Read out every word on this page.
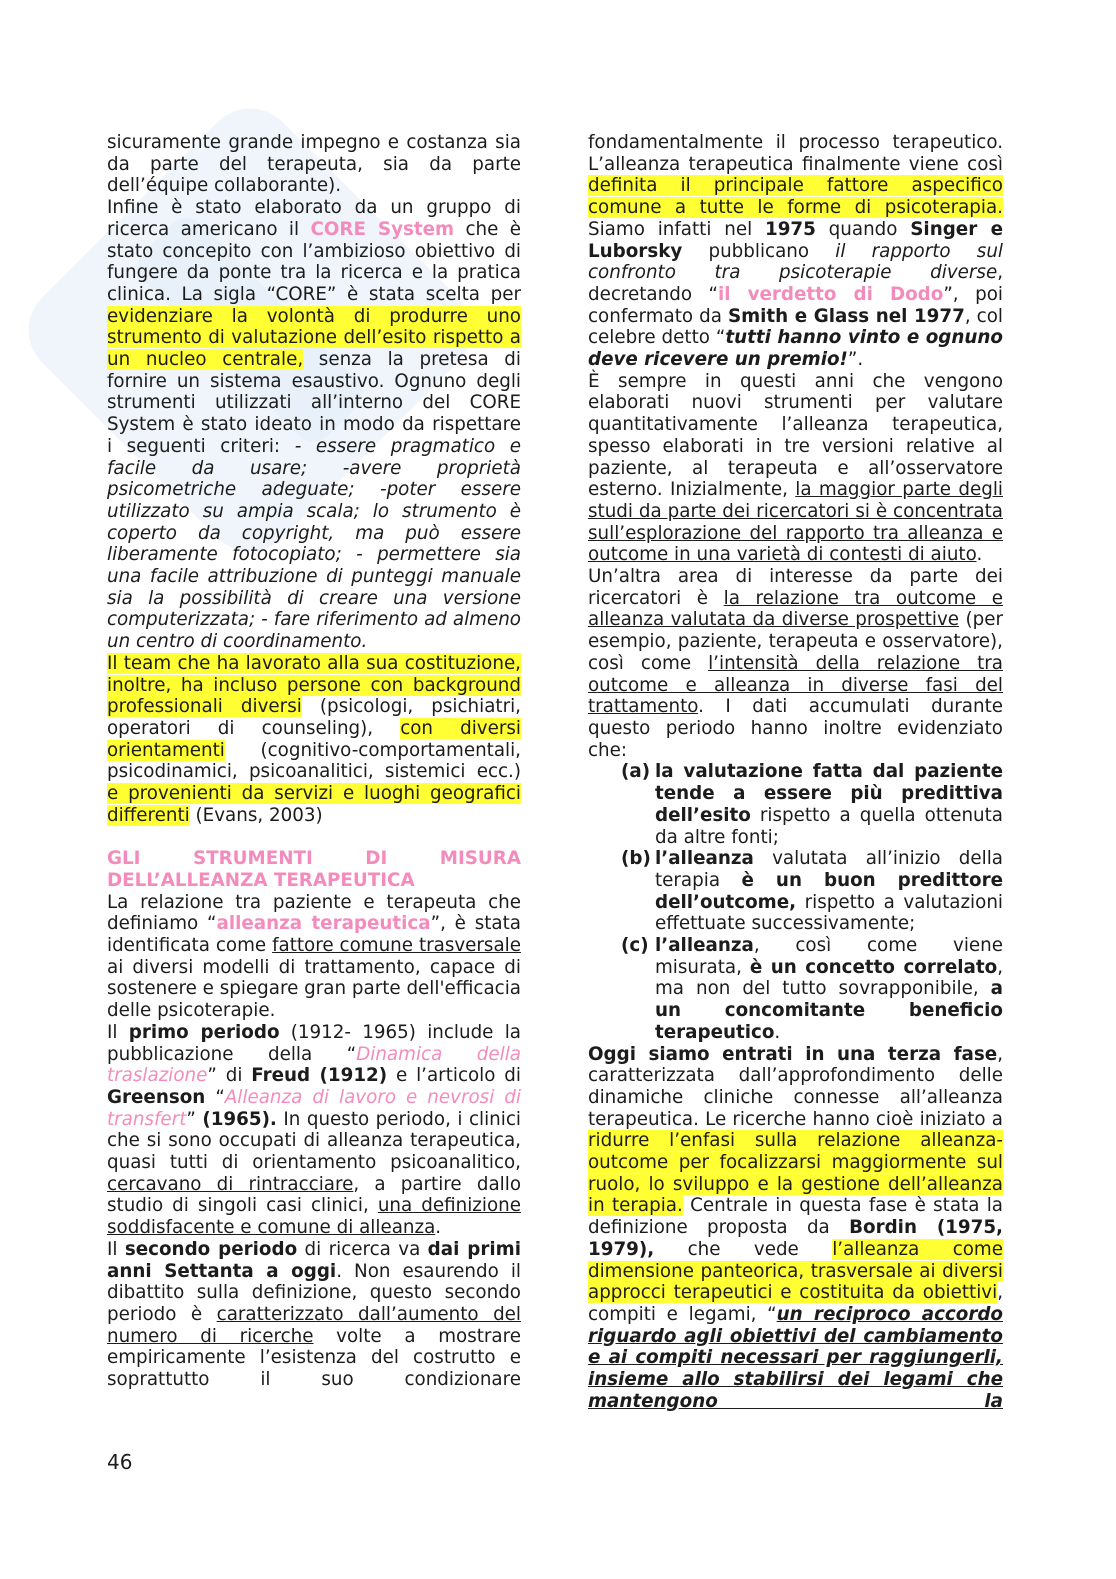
sicuramente grande impegno e costanza sia da parte del terapeuta, sia da parte dell’équipe collaborante).

Infine è stato elaborato da un gruppo di ricerca americano il CORE System che è stato concepito con l’ambizioso obiettivo di fungere da ponte tra la ricerca e la pratica clinica. La sigla “CORE” è stata scelta per evidenziare la volontà di produrre uno strumento di valutazione dell’esito rispetto a un nucleo centrale, senza la pretesa di fornire un sistema esaustivo. Ognuno degli strumenti utilizzati all’interno del CORE System è stato ideato in modo da rispettare i seguenti criteri: - essere pragmatico e facile da usare; -avere proprietà psicometriche adeguate; -poter essere utilizzato su ampia scala; lo strumento è coperto da copyright, ma può essere liberamente fotocopiato; - permettere sia una facile attribuzione di punteggi manuale sia la possibilità di creare una versione computerizzata; - fare riferimento ad almeno un centro di coordinamento.

Il team che ha lavorato alla sua costituzione, inoltre, ha incluso persone con background professionali diversi (psicologi, psichiatri, operatori di counseling), con diversi orientamenti (cognitivo-comportamentali, psicodinamici, psicoanalitici, sistemici ecc.) e provenienti da servizi e luoghi geografici differenti (Evans, 2003)

GLI STRUMENTI DI MISURA DELL’ALLEANZA TERAPEUTICA

La relazione tra paziente e terapeuta che definiamo “alleanza terapeutica”, è stata identificata come fattore comune trasversale ai diversi modelli di trattamento, capace di sostenere e spiegare gran parte dell'efficacia delle psicoterapie.

Il primo periodo (1912- 1965) include la pubblicazione della “Dinamica della traslazione” di Freud (1912) e l’articolo di Greenson “Alleanza di lavoro e nevrosi di transfert” (1965). In questo periodo, i clinici che si sono occupati di alleanza terapeutica, quasi tutti di orientamento psicoanalitico, cercavano di rintracciare, a partire dallo studio di singoli casi clinici, una definizione soddisfacente e comune di alleanza.

Il secondo periodo di ricerca va dai primi anni Settanta a oggi. Non esaurendo il dibattito sulla definizione, questo secondo periodo è caratterizzato dall’aumento del numero di ricerche volte a mostrare empiricamente l’esistenza del costrutto e soprattutto il suo condizionare

fondamentalmente il processo terapeutico. L’alleanza terapeutica finalmente viene così definita il principale fattore aspecifico comune a tutte le forme di psicoterapia. Siamo infatti nel 1975 quando Singer e Luborsky pubblicano il rapporto sul confronto tra psicoterapie diverse, decretando “il verdetto di Dodo”, poi confermato da Smith e Glass nel 1977, col celebre detto “tutti hanno vinto e ognuno deve ricevere un premio!”.

È sempre in questi anni che vengono elaborati nuovi strumenti per valutare quantitativamente l’alleanza terapeutica, spesso elaborati in tre versioni relative al paziente, al terapeuta e all’osservatore esterno. Inizialmente, la maggior parte degli studi da parte dei ricercatori si è concentrata sull’esplorazione del rapporto tra alleanza e outcome in una varietà di contesti di aiuto.

Un’altra area di interesse da parte dei ricercatori è la relazione tra outcome e alleanza valutata da diverse prospettive (per esempio, paziente, terapeuta e osservatore), così come l’intensità della relazione tra outcome e alleanza in diverse fasi del trattamento. I dati accumulati durante questo periodo hanno inoltre evidenziato che:

(a) la valutazione fatta dal paziente tende a essere più predittiva dell’esito rispetto a quella ottenuta da altre fonti;
(b) l’alleanza valutata all’inizio della terapia è un buon predittore dell’outcome, rispetto a valutazioni effettuate successivamente;
(c) l’alleanza, così come viene misurata, è un concetto correlato, ma non del tutto sovrapponibile, a un concomitante beneficio terapeutico.

Oggi siamo entrati in una terza fase, caratterizzata dall’approfondimento delle dinamiche cliniche connesse all’alleanza terapeutica. Le ricerche hanno cioè iniziato a ridurre l’enfasi sulla relazione alleanza-outcome per focalizzarsi maggiormente sul ruolo, lo sviluppo e la gestione dell’alleanza in terapia. Centrale in questa fase è stata la definizione proposta da Bordin (1975, 1979), che vede l’alleanza come dimensione panteorica, trasversale ai diversi approcci terapeutici e costituita da obiettivi, compiti e legami, “un reciproco accordo riguardo agli obiettivi del cambiamento e ai compiti necessari per raggiungerli, insieme allo stabilirsi dei legami che mantengono la

46
